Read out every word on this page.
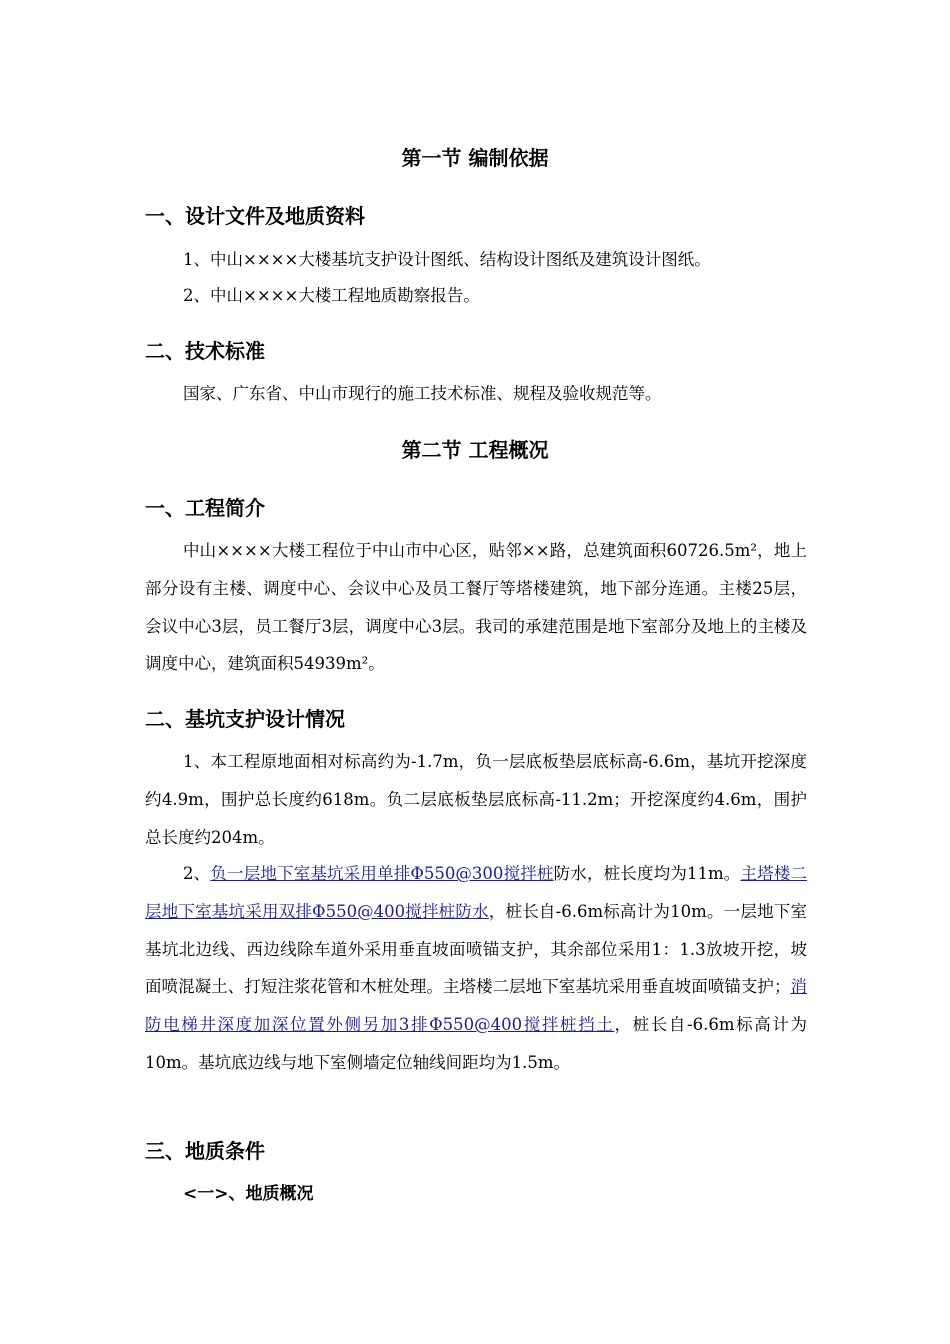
第一节 编制依据
一、设计文件及地质资料
1、中山××××大楼基坑支护设计图纸、结构设计图纸及建筑设计图纸。
2、中山××××大楼工程地质勘察报告。
二、技术标准
国家、广东省、中山市现行的施工技术标准、规程及验收规范等。
第二节 工程概况
一、工程简介
中山××××大楼工程位于中山市中心区，贴邻××路，总建筑面积60726.5m²，地上部分设有主楼、调度中心、会议中心及员工餐厅等塔楼建筑，地下部分连通。主楼25层，会议中心3层，员工餐厅3层，调度中心3层。我司的承建范围是地下室部分及地上的主楼及调度中心，建筑面积54939m²。
二、基坑支护设计情况
1、本工程原地面相对标高约为-1.7m，负一层底板垫层底标高-6.6m，基坑开挖深度约4.9m，围护总长度约618m。负二层底板垫层底标高-11.2m；开挖深度约4.6m，围护总长度约204m。
2、负一层地下室基坑采用单排Φ550@300搅拌桩防水，桩长度均为11m。主塔楼二层地下室基坑采用双排Φ550@400搅拌桩防水，桩长自-6.6m标高计为10m。一层地下室基坑北边线、西边线除车道外采用垂直坡面喷锚支护，其余部位采用1：1.3放坡开挖，坡面喷混凝土、打短注浆花管和木桩处理。主塔楼二层地下室基坑采用垂直坡面喷锚支护；消防电梯井深度加深位置外侧另加3排Φ550@400搅拌桩挡土，桩长自-6.6m标高计为10m。基坑底边线与地下室侧墙定位轴线间距均为1.5m。
三、地质条件
<一>、地质概况
